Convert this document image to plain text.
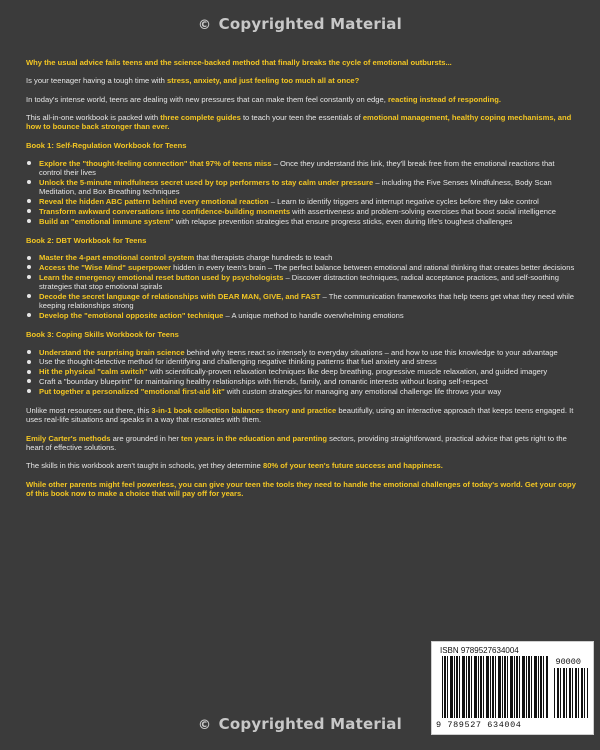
© Copyrighted Material
Why the usual advice fails teens and the science-backed method that finally breaks the cycle of emotional outbursts...
Is your teenager having a tough time with stress, anxiety, and just feeling too much all at once?
In today's intense world, teens are dealing with new pressures that can make them feel constantly on edge, reacting instead of responding.
This all-in-one workbook is packed with three complete guides to teach your teen the essentials of emotional management, healthy coping mechanisms, and how to bounce back stronger than ever.
Book 1: Self-Regulation Workbook for Teens
Explore the "thought-feeling connection" that 97% of teens miss – Once they understand this link, they'll break free from the emotional reactions that control their lives
Unlock the 5-minute mindfulness secret used by top performers to stay calm under pressure – including the Five Senses Mindfulness, Body Scan Meditation, and Box Breathing techniques
Reveal the hidden ABC pattern behind every emotional reaction – Learn to identify triggers and interrupt negative cycles before they take control
Transform awkward conversations into confidence-building moments with assertiveness and problem-solving exercises that boost social intelligence
Build an "emotional immune system" with relapse prevention strategies that ensure progress sticks, even during life's toughest challenges
Book 2: DBT Workbook for Teens
Master the 4-part emotional control system that therapists charge hundreds to teach
Access the "Wise Mind" superpower hidden in every teen's brain – The perfect balance between emotional and rational thinking that creates better decisions
Learn the emergency emotional reset button used by psychologists – Discover distraction techniques, radical acceptance practices, and self-soothing strategies that stop emotional spirals
Decode the secret language of relationships with DEAR MAN, GIVE, and FAST – The communication frameworks that help teens get what they need while keeping relationships strong
Develop the "emotional opposite action" technique – A unique method to handle overwhelming emotions
Book 3: Coping Skills Workbook for Teens
Understand the surprising brain science behind why teens react so intensely to everyday situations – and how to use this knowledge to your advantage
Use the thought-detective method for identifying and challenging negative thinking patterns that fuel anxiety and stress
Hit the physical "calm switch" with scientifically-proven relaxation techniques like deep breathing, progressive muscle relaxation, and guided imagery
Craft a "boundary blueprint" for maintaining healthy relationships with friends, family, and romantic interests without losing self-respect
Put together a personalized "emotional first-aid kit" with custom strategies for managing any emotional challenge life throws your way
Unlike most resources out there, this 3-in-1 book collection balances theory and practice beautifully, using an interactive approach that keeps teens engaged. It uses real-life situations and speaks in a way that resonates with them.
Emily Carter's methods are grounded in her ten years in the education and parenting sectors, providing straightforward, practical advice that gets right to the heart of effective solutions.
The skills in this workbook aren't taught in schools, yet they determine 80% of your teen's future success and happiness.
While other parents might feel powerless, you can give your teen the tools they need to handle the emotional challenges of today's world. Get your copy of this book now to make a choice that will pay off for years.
ISBN 9789527634004
90000
9 789527 634004
© Copyrighted Material
